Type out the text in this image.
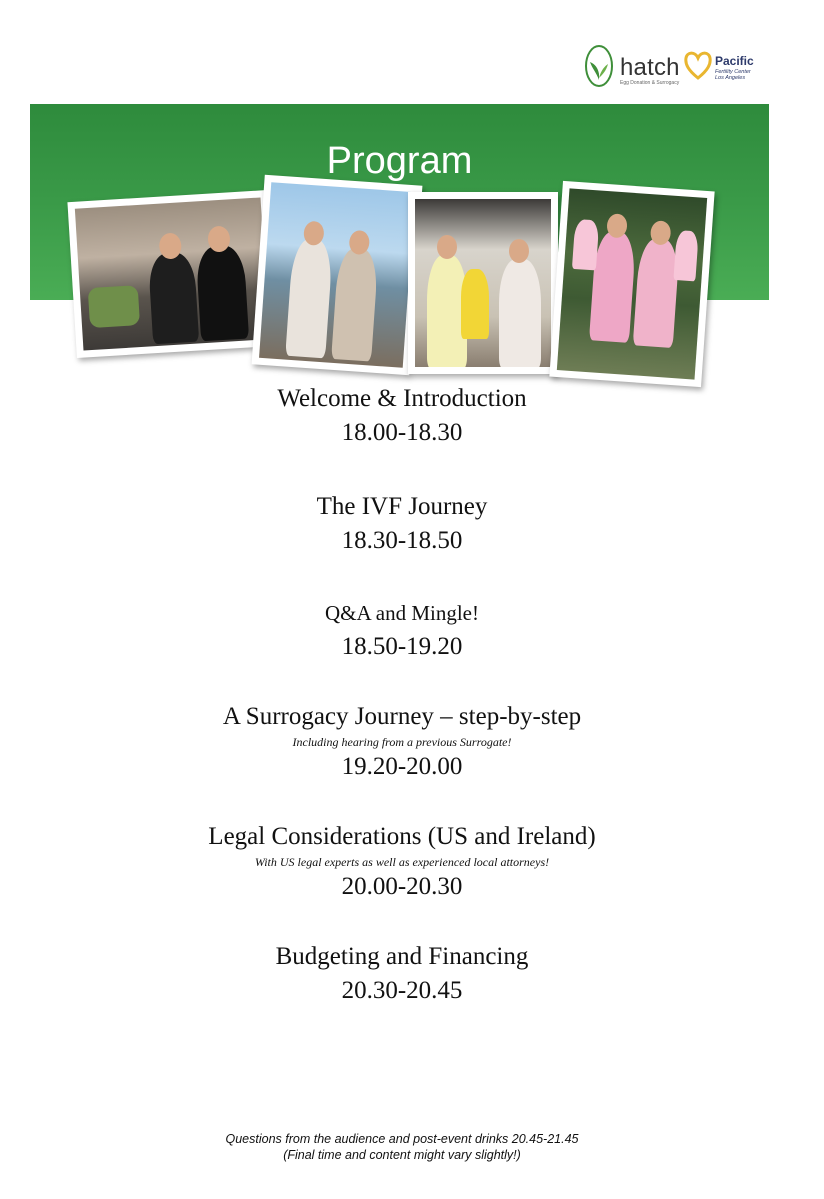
hatch
Egg Donation & Surrogacy
Pacific
Fertility Center Los Angeles
Program
Welcome & Introduction
18.00-18.30
The IVF Journey
18.30-18.50
Q&A and Mingle!
18.50-19.20
A Surrogacy Journey – step-by-step
Including hearing from a previous Surrogate!
19.20-20.00
Legal Considerations (US and Ireland)
With US legal experts as well as experienced local attorneys!
20.00-20.30
Budgeting and Financing
20.30-20.45
Questions from the audience and post-event drinks 20.45-21.45
(Final time and content might vary slightly!)
